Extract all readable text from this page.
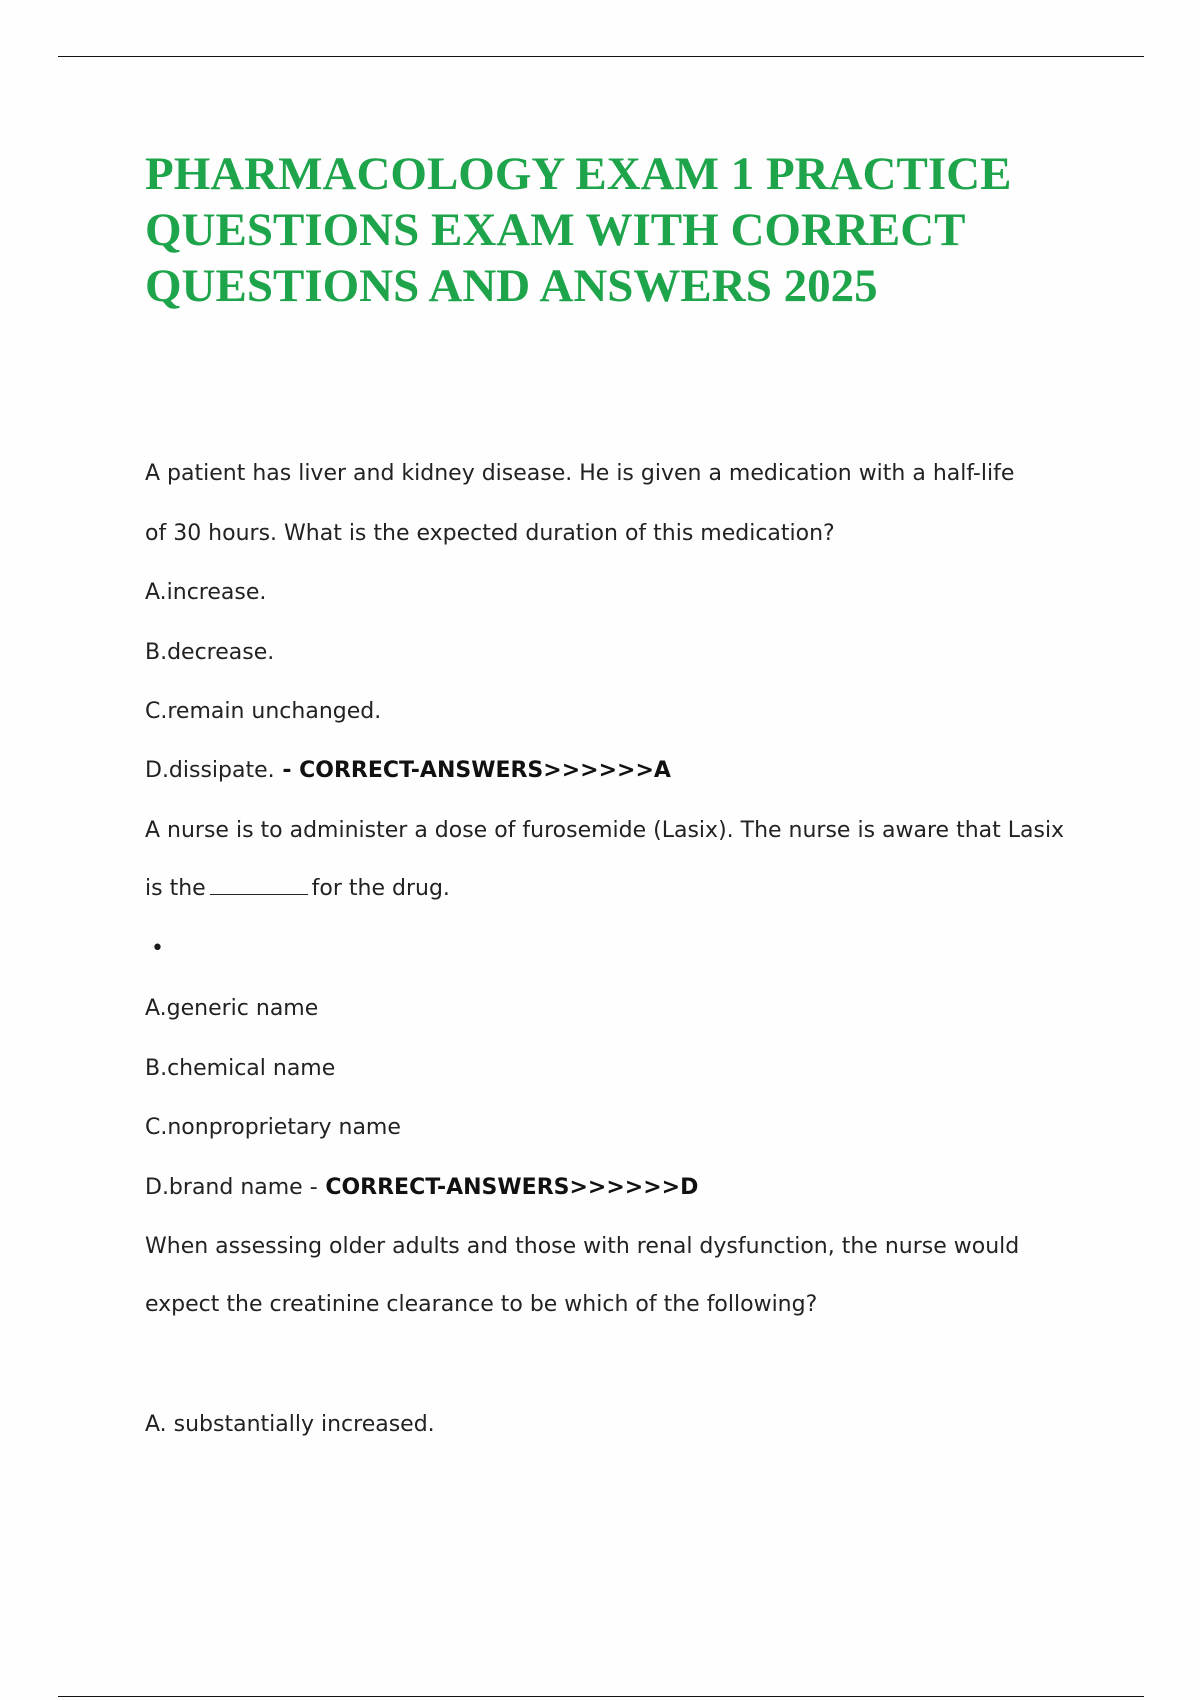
PHARMACOLOGY EXAM 1 PRACTICE QUESTIONS EXAM WITH CORRECT QUESTIONS AND ANSWERS 2025
A patient has liver and kidney disease. He is given a medication with a half-life
of 30 hours. What is the expected duration of this medication?
A.increase.
B.decrease.
C.remain unchanged.
D.dissipate. - CORRECT-ANSWERS>>>>>>A
A nurse is to administer a dose of furosemide (Lasix). The nurse is aware that Lasix
is the	for the drug.
•
A.generic name
B.chemical name
C.nonproprietary name
D.brand name - CORRECT-ANSWERS>>>>>>D
When assessing older adults and those with renal dysfunction, the nurse would
expect the creatinine clearance to be which of the following?
A. substantially increased.
